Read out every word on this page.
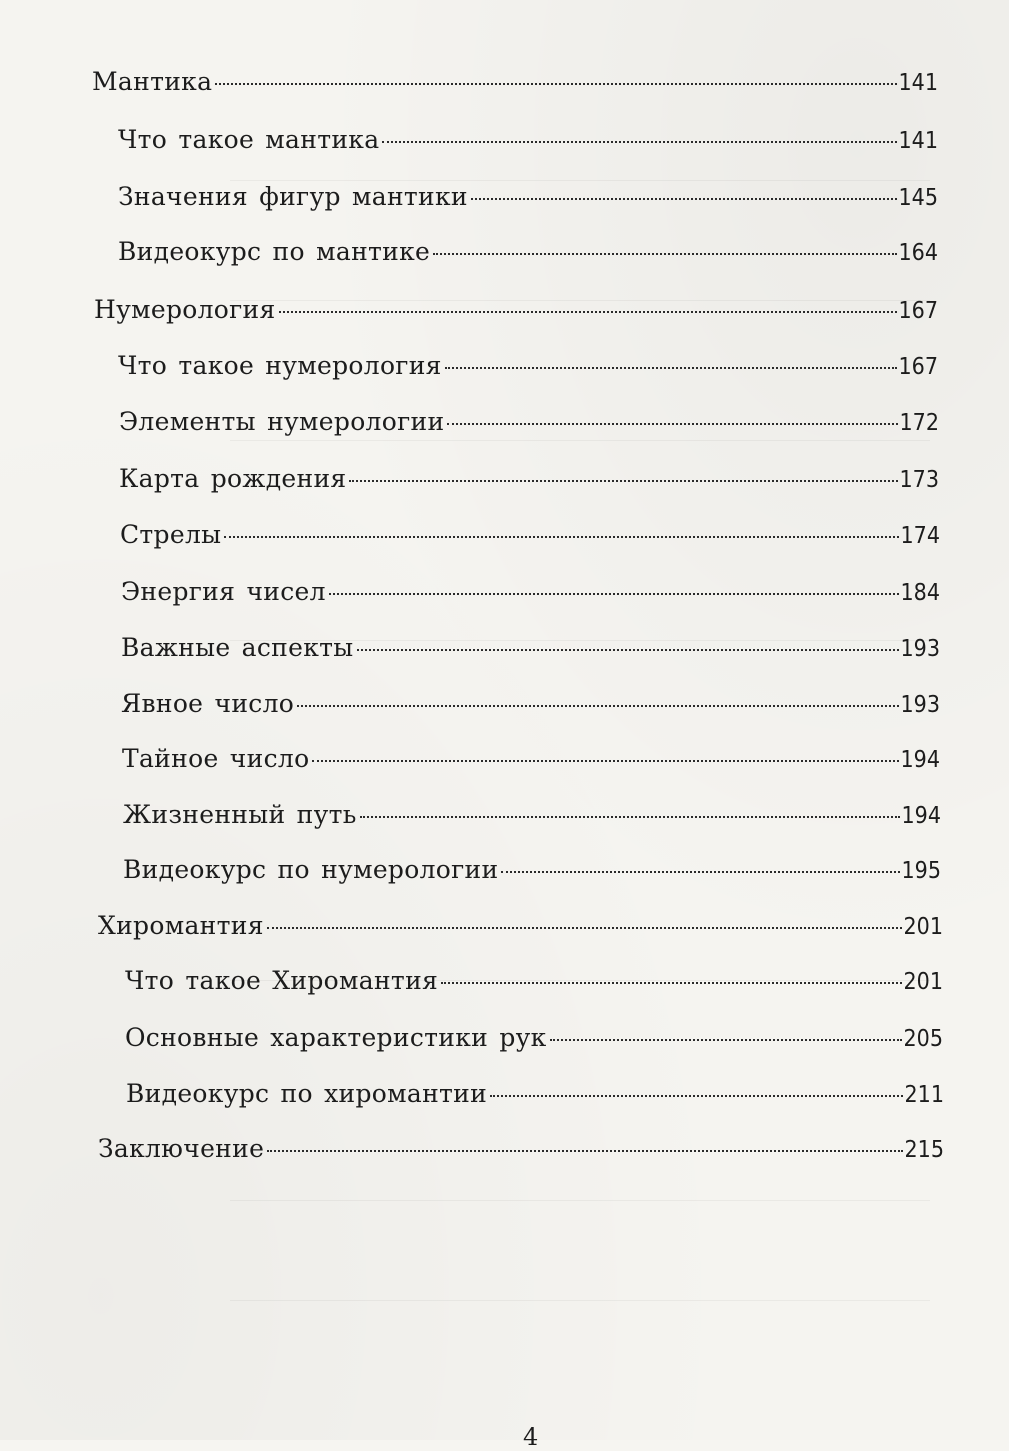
Мантика	141
Что такое мантика	141
Значения фигур мантики	145
Видеокурс по мантике	164
Нумерология	167
Что такое нумерология	167
Элементы нумерологии	172
Карта рождения	173
Стрелы	174
Энергия чисел	184
Важные аспекты	193
Явное число	193
Тайное число	194
Жизненный путь	194
Видеокурс по нумерологии	195
Хиромантия	201
Что такое Хиромантия	201
Основные характеристики рук	205
Видеокурс по хиромантии	211
Заключение	215
4
